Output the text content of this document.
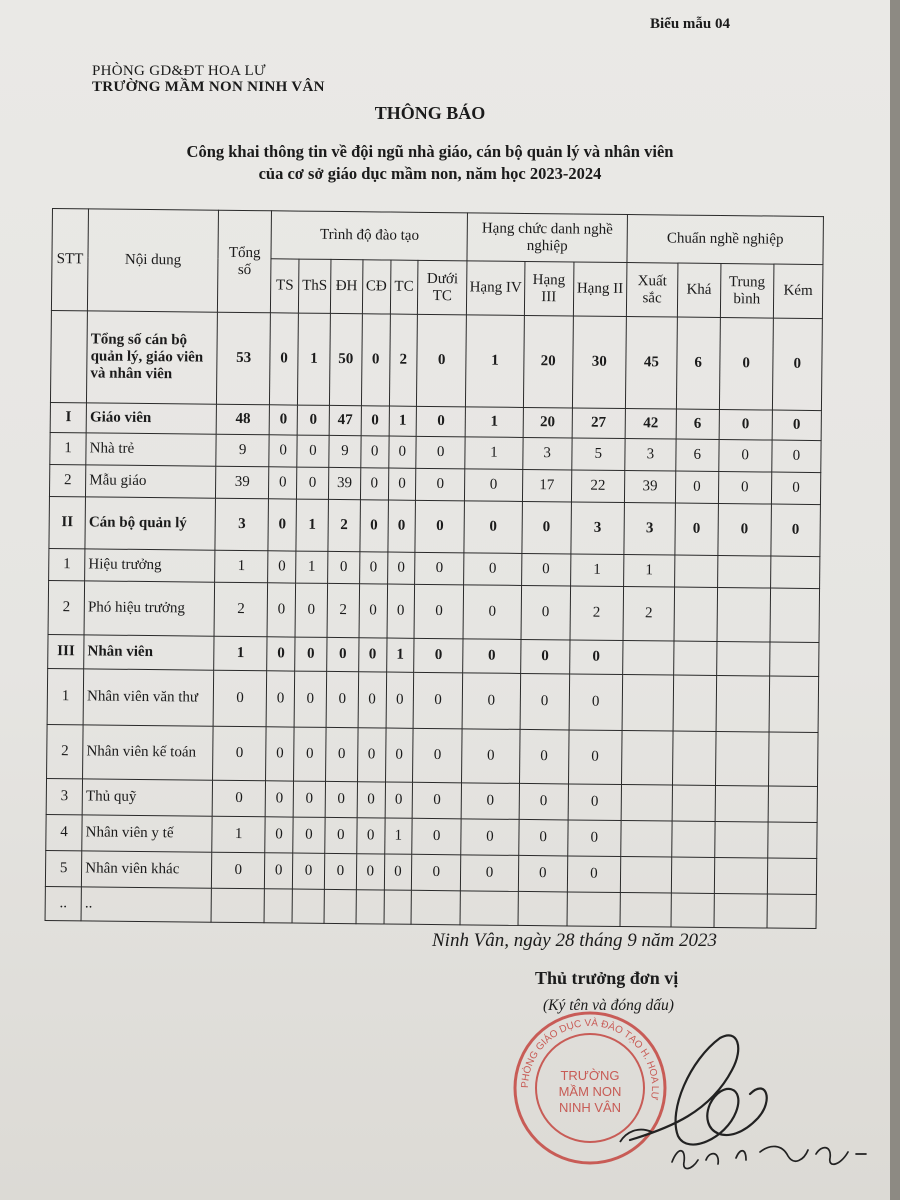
Biểu mẫu 04
PHÒNG GD&ĐT HOA LƯ
TRƯỜNG MẦM NON NINH VÂN
THÔNG BÁO
Công khai thông tin về đội ngũ nhà giáo, cán bộ quản lý và nhân viên
của cơ sở giáo dục mầm non, năm học 2023-2024
STT	Nội dung	Tổng số	Trình độ đào tạo						Hạng chức danh nghề nghiệp			Chuẩn nghề nghiệp			
			TS	ThS	ĐH	CĐ	TC	Dưới TC	Hạng IV	Hạng III	Hạng II	Xuất sắc	Khá	Trung bình	Kém
	Tổng số cán bộ quản lý, giáo viên và nhân viên	53	0	1	50	0	2	0	1	20	30	45	6	0	0
I	Giáo viên	48	0	0	47	0	1	0	1	20	27	42	6	0	0
1	Nhà trẻ	9	0	0	9	0	0	0	1	3	5	3	6	0	0
2	Mẫu giáo	39	0	0	39	0	0	0	0	17	22	39	0	0	0
II	Cán bộ quản lý	3	0	1	2	0	0	0	0	0	3	3	0	0	0
1	Hiệu trưởng	1	0	1	0	0	0	0	0	0	1	1			
2	Phó hiệu trưởng	2	0	0	2	0	0	0	0	0	2	2			
III	Nhân viên	1	0	0	0	0	1	0	0	0	0				
1	Nhân viên văn thư	0	0	0	0	0	0	0	0	0	0				
2	Nhân viên kế toán	0	0	0	0	0	0	0	0	0	0				
3	Thủ quỹ	0	0	0	0	0	0	0	0	0	0				
4	Nhân viên y tế	1	0	0	0	0	1	0	0	0	0				
5	Nhân viên khác	0	0	0	0	0	0	0	0	0	0				
..	..														
Ninh Vân, ngày 28 tháng 9 năm 2023
Thủ trưởng đơn vị
(Ký tên và đóng dấu)
PHÒNG GIÁO DỤC VÀ ĐÀO TẠO H. HOA LƯ
TRƯỜNG
MẦM NON
NINH VÂN
